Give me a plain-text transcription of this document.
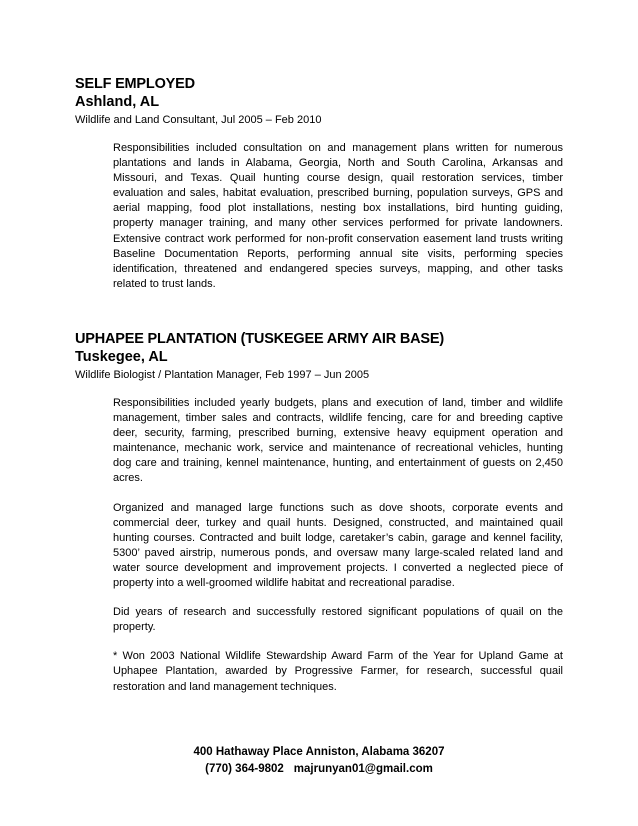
SELF EMPLOYED
Ashland, AL
Wildlife and Land Consultant, Jul 2005 – Feb 2010

Responsibilities included consultation on and management plans written for numerous plantations and lands in Alabama, Georgia, North and South Carolina, Arkansas and Missouri, and Texas. Quail hunting course design, quail restoration services, timber evaluation and sales, habitat evaluation, prescribed burning, population surveys, GPS and aerial mapping, food plot installations, nesting box installations, bird hunting guiding, property manager training, and many other services performed for private landowners. Extensive contract work performed for non-profit conservation easement land trusts writing Baseline Documentation Reports, performing annual site visits, performing species identification, threatened and endangered species surveys, mapping, and other tasks related to trust lands.

UPHAPEE PLANTATION (TUSKEGEE ARMY AIR BASE)
Tuskegee, AL
Wildlife Biologist / Plantation Manager, Feb 1997 – Jun 2005

Responsibilities included yearly budgets, plans and execution of land, timber and wildlife management, timber sales and contracts, wildlife fencing, care for and breeding captive deer, security, farming, prescribed burning, extensive heavy equipment operation and maintenance, mechanic work, service and maintenance of recreational vehicles, hunting dog care and training, kennel maintenance, hunting, and entertainment of guests on 2,450 acres.

Organized and managed large functions such as dove shoots, corporate events and commercial deer, turkey and quail hunts. Designed, constructed, and maintained quail hunting courses. Contracted and built lodge, caretaker’s cabin, garage and kennel facility, 5300’ paved airstrip, numerous ponds, and oversaw many large-scaled related land and water source development and improvement projects. I converted a neglected piece of property into a well-groomed wildlife habitat and recreational paradise.

Did years of research and successfully restored significant populations of quail on the property.

* Won 2003 National Wildlife Stewardship Award Farm of the Year for Upland Game at Uphapee Plantation, awarded by Progressive Farmer, for research, successful quail restoration and land management techniques.

400 Hathaway Place Anniston, Alabama 36207
(770) 364-9802 majrunyan01@gmail.com
